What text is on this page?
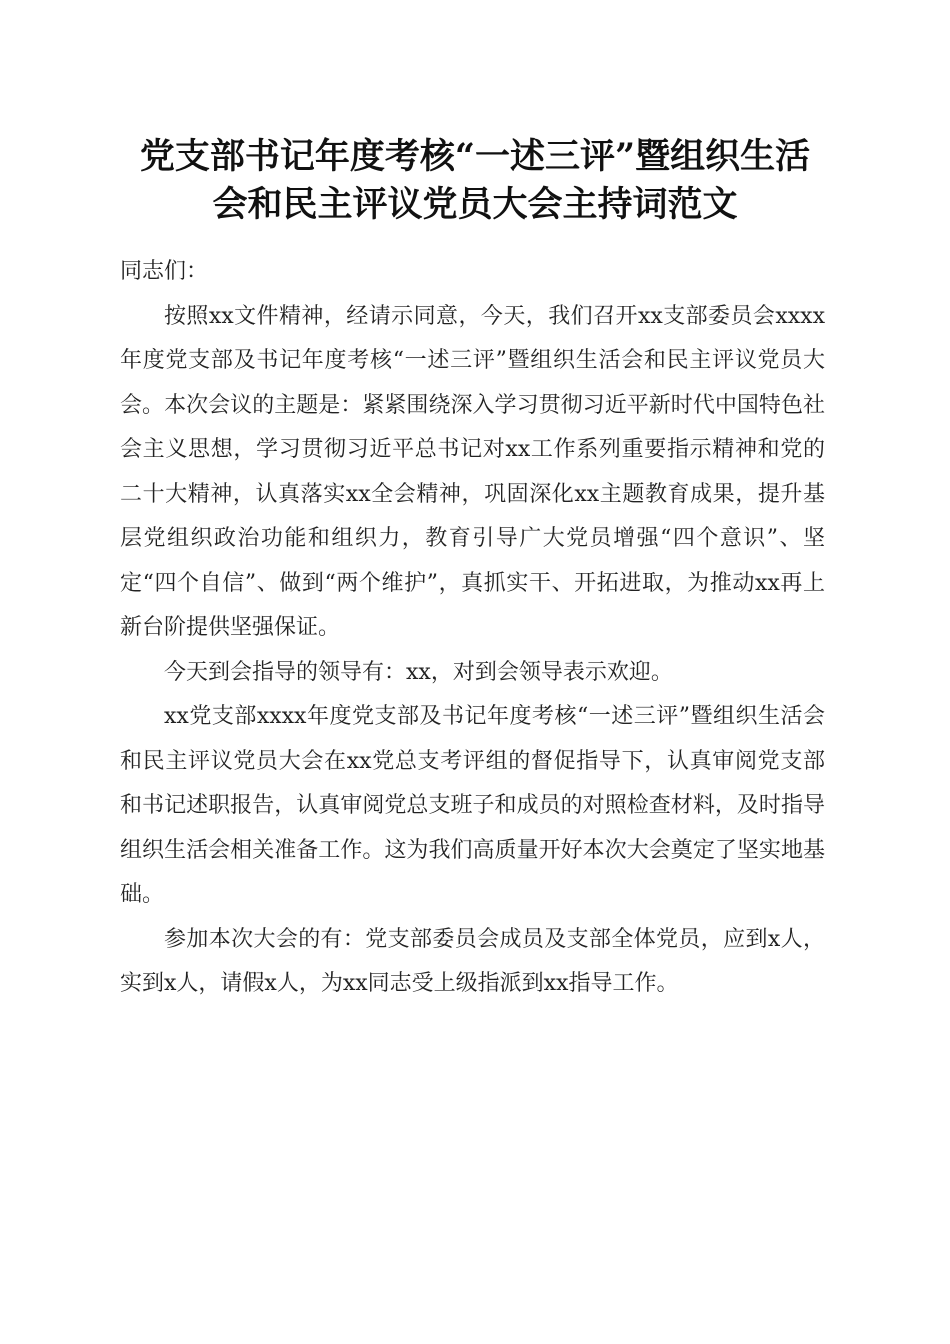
党支部书记年度考核“一述三评”暨组织生活
会和民主评议党员大会主持词范文

同志们：

按照xx文件精神，经请示同意，今天，我们召开xx支部委员会xxxx年度党支部及书记年度考核“一述三评”暨组织生活会和民主评议党员大会。本次会议的主题是：紧紧围绕深入学习贯彻习近平新时代中国特色社会主义思想，学习贯彻习近平总书记对xx工作系列重要指示精神和党的二十大精神，认真落实xx全会精神，巩固深化xx主题教育成果，提升基层党组织政治功能和组织力，教育引导广大党员增强“四个意识”、坚定“四个自信”、做到“两个维护”，真抓实干、开拓进取，为推动xx再上新台阶提供坚强保证。

今天到会指导的领导有：xx，对到会领导表示欢迎。

xx党支部xxxx年度党支部及书记年度考核“一述三评”暨组织生活会和民主评议党员大会在xx党总支考评组的督促指导下，认真审阅党支部和书记述职报告，认真审阅党总支班子和成员的对照检查材料，及时指导组织生活会相关准备工作。这为我们高质量开好本次大会奠定了坚实地基础。

参加本次大会的有：党支部委员会成员及支部全体党员，应到x人，实到x人，请假x人，为xx同志受上级指派到xx指导工作。
